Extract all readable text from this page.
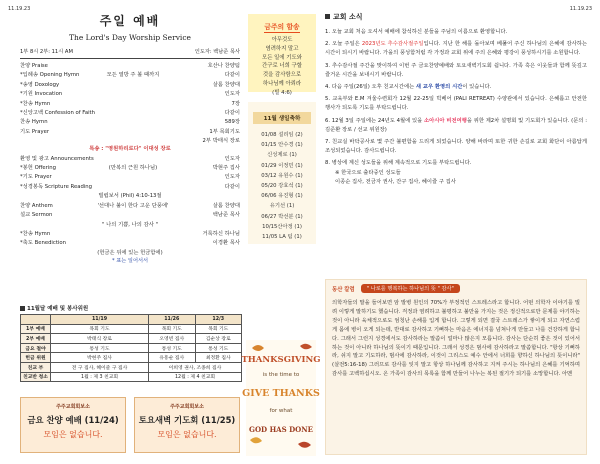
11.19.23	11.19.23
주일 예배
The Lord's Day Worship Service
1부 8시 2부: 11시 AM	인도자: 백남준 목사
찬양 Praise	호산나 찬양팀
*입례송 Opening Hymn	모든 열방 주 볼 때까지	다같이
*송영 Doxology	살롬 찬양대
*기원 Invocation	인도자
*찬송 Hymn	7장
*신앙고백 Confession of Faith	다같이
찬송 Hymn	589장
기도 Prayer	1부 목회기도
2부 박태식 장로
특송 : "영원하리로다" 이대성 장로
환영 및 광고 Announcements	인도자
*봉헌 Offering	(만복의 근원 하나님)	박현주 집사
*기도 Prayer	인도자
*성경봉독 Scripture Reading	다같이
빌립보서 (Phil) 4:10-13절
찬양 Anthem	'선대나 불이 한다 고운 단풍에'	살롬 찬양대
설교 Sermon	백남준 목사
" 나의 기쁨, 나의 감사 "
*찬송 Hymn	거룩하신 하나님
*축도 Benediction	이경환 목사
(헌금은 뒤에 있는 헌금함에)
* 표는 일어서서
11월달 예배 및 봉사위원
	11/19	11/26	12/3
1부 예배	목회 기도	목회 기도	목회 기도
2부 예배	박태식 장로	오영빈 집사	김순상 장로
금요 철야	통성 기도	통성 기도	통성 기도
헌금 위원	박현주 집사	유흥순 집사	최정환 집사
친교 부	전 구 집사, 혜이즐 구 집사	이희영 권사, 조종희 집사	
친교반 청소	1월 : 제 3 친교회	12월 : 제 4 친교회	
주주교회회보소
금요 찬양 예배 (11/24)
모임은 없습니다.
주주교회회보소
토요새벽 기도회 (11/25)
모임은 없습니다.
금주의 함송
아무것도
염려하지 말고
모든 일에 기도와
간구로 너희 구할
것을 감사함으로
하나님께 아뢰라
(빌 4:6)
11월 생일축하
01/08 설리임 (2)
01/15 안수경 (1)
신성제로 (1)
01/29 이정민 (1)
03/12 유원수 (1)
05/20 강효석 (1)
06/06 유진형 (1)
유기선 (1)
06/27 박선분 (1)
10/15산아정 (1)
11/05 LA 팀 (1)
THANKSGIVING
is the time to
GIVE THANKS
for what
GOD HAS DONE
교회 소식
1. 오늘 교회 처음 오셔서 예배에 참석하신 분들을 주님의 이름으로 환영합니다.
2. 오늘 주일은 2023년도 추수감사절주일입니다. 지난 한 해를 돌아보며 베풀어 주신 하나님의 은혜에 감사하는 시간이 되시기 바랍니다. 가을의 풍성함처럼 각 가정과 교회 위에 주의 은혜와 평강이 풍성하시기를 소원합니다.
3. 추수감사절 주간을 맞이하여 이번 주 금요찬양예배와 토요새벽기도회 쉽니다. 가족 혹은 이웃들과 함께 뜻깊고 즐거운 시간을 보내시기 바랍니다.
4. 다음 주일(26일) 오후 친교시간에는 새 교우 환영의 시간이 있습니다.
5. 교육부와 E.M 겨울수련회가 12월 22-25일 빅베어 (PALI RETREAT) 수양관에서 있습니다. 은혜롭고 안전한 행사가 되도록 기도를 부탁드립니다.
6. 12월 3일 주일에는 24년도 4월에 있을 소아시아 비전여행을 위한 제2차 설명회 및 기도회가 있습니다. (문의 : 김준환 장로 / 선교 위원장)
7. 친교실 바닥공사로 몇 주간 불편함을 드리게 되었습니다. 양해 바라며 또한 귀한 손길로 교회 화단이 아름답게 조성되었습니다. 감사드립니다.
8. 병상에 계신 성도들을 위해 계속적으로 기도를 부탁드립니다.
※ 한국으로 출타중인 성도들
이종순 집사, 전금자 권사, 잔구 집사, 혜이즐 구 집사
동산 칼럼	" 나로를 행복하는 하나님의 뜻 " 감사"
의학자들의 말을 들어보면 암 발병 원인의 70%가 부정적인 스트레스라고 합니다. 어떤 의학자 이야기를 빌려 이렇게 말하기도 했습니다. 걱정과 염려하고 불평하고 불만을 가지는 것은 정신적으로만 문제를 야기하는 것이 아니라 육체적으로도 엄청난 손해를 입게 합니다. 그렇게 되면 결국 스트레스가 쌓이게 되고 자연스럽게 몸에 병이 오게 되는데, 반대로 감사하고 기뻐하는 마음은 에너지를 넘쳐나게 만들고 나를 건강하게 합니다. 그래서 그런지 성경에서도 감사하라는 말씀이 얼마나 많은지 모릅니다. 감사는 단순히 좋은 것이 있어서 하는 것이 아니라 하나님의 뜻이기 때문입니다. 그래서 성경은 범사에 감사하라고 말씀합니다. "항상 기뻐하라, 쉬지 말고 기도하라, 범사에 감사하라, 이것이 그리스도 예수 안에서 너희를 향하신 하나님의 뜻이니라"(살전5:16-18) 그러므로 감사를 잊지 말고 항상 하나님께 감사하고 지켜 주시는 하나님의 은혜를 기억하며 감사를 고백하십시오. 온 가족이 감사의 목록을 함께 만들어 나누는 복된 절기가 되기를 소망합니다. 아멘
